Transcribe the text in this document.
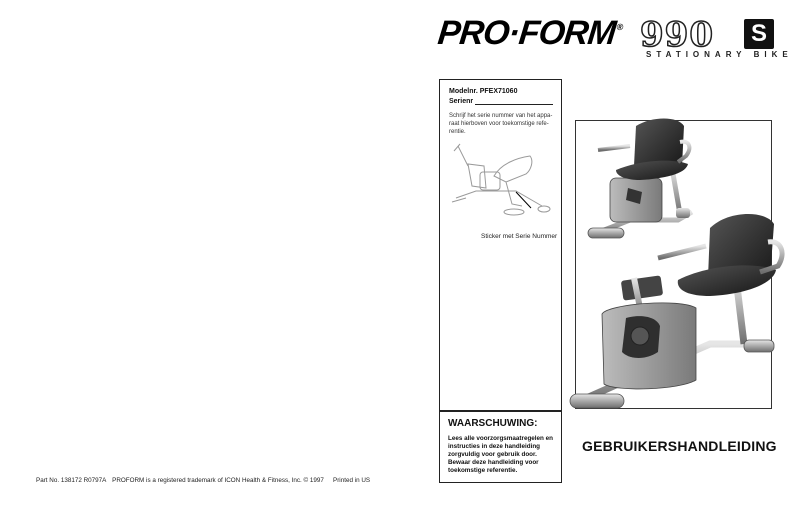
PRO·FORM® 990 S
STATIONARY BIKE
Modelnr. PFEX71060
Serienr
Schrijf het serie nummer van het appa-raat hierboven voor toekomstige refe-rentie.
Sticker met Serie Nummer
WAARSCHUWING:
Lees alle voorzorgsmaatregelen en instructies in deze handleiding zorgvuldig voor gebruik door. Bewaar deze handleiding voor toekomstige referentie.
GEBRUIKERSHANDLEIDING
Part No. 138172 R0797A PROFORM is a registered trademark of ICON Health & Fitness, Inc. © 1997	Printed in US
